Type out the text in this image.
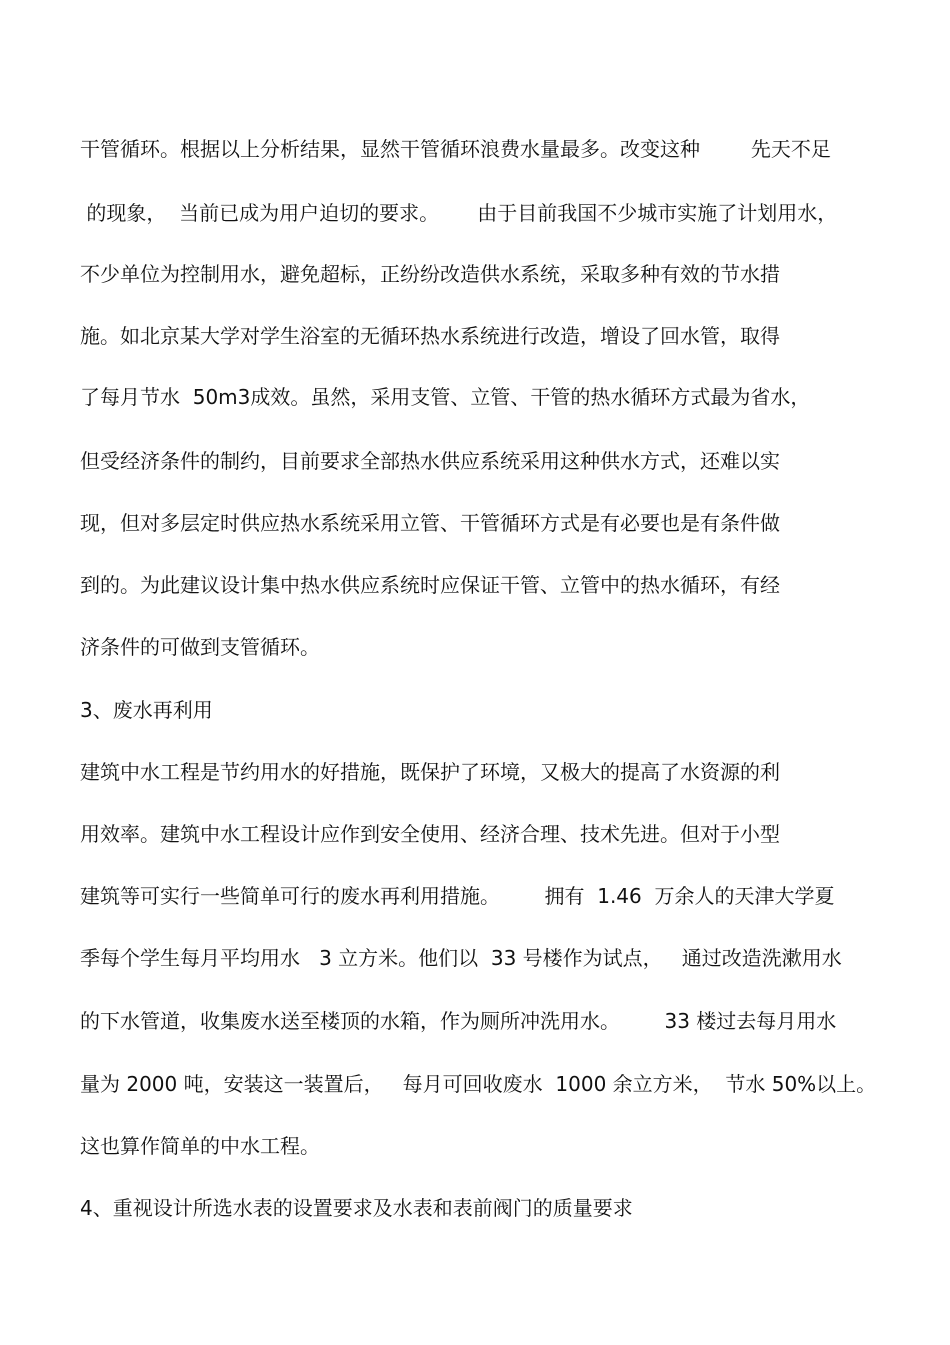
干管循环。根据以上分析结果，显然干管循环浪费水量最多。改变这种        先天不足
的现象，  当前已成为用户迫切的要求。      由于目前我国不少城市实施了计划用水，
不少单位为控制用水，避免超标，正纷纷改造供水系统，采取多种有效的节水措
施。如北京某大学对学生浴室的无循环热水系统进行改造，增设了回水管，取得
了每月节水  50m3成效。虽然，采用支管、立管、干管的热水循环方式最为省水，
但受经济条件的制约，目前要求全部热水供应系统采用这种供水方式，还难以实
现，但对多层定时供应热水系统采用立管、干管循环方式是有必要也是有条件做
到的。为此建议设计集中热水供应系统时应保证干管、立管中的热水循环，有经
济条件的可做到支管循环。
3、废水再利用
建筑中水工程是节约用水的好措施，既保护了环境，又极大的提高了水资源的利
用效率。建筑中水工程设计应作到安全使用、经济合理、技术先进。但对于小型
建筑等可实行一些简单可行的废水再利用措施。       拥有  1.46  万余人的天津大学夏
季每个学生每月平均用水   3 立方米。他们以  33 号楼作为试点，   通过改造洗漱用水
的下水管道，收集废水送至楼顶的水箱，作为厕所冲洗用水。       33 楼过去每月用水
量为 2000 吨，安装这一装置后，   每月可回收废水  1000 余立方米，  节水 50%以上。
这也算作简单的中水工程。
4、重视设计所选水表的设置要求及水表和表前阀门的质量要求
